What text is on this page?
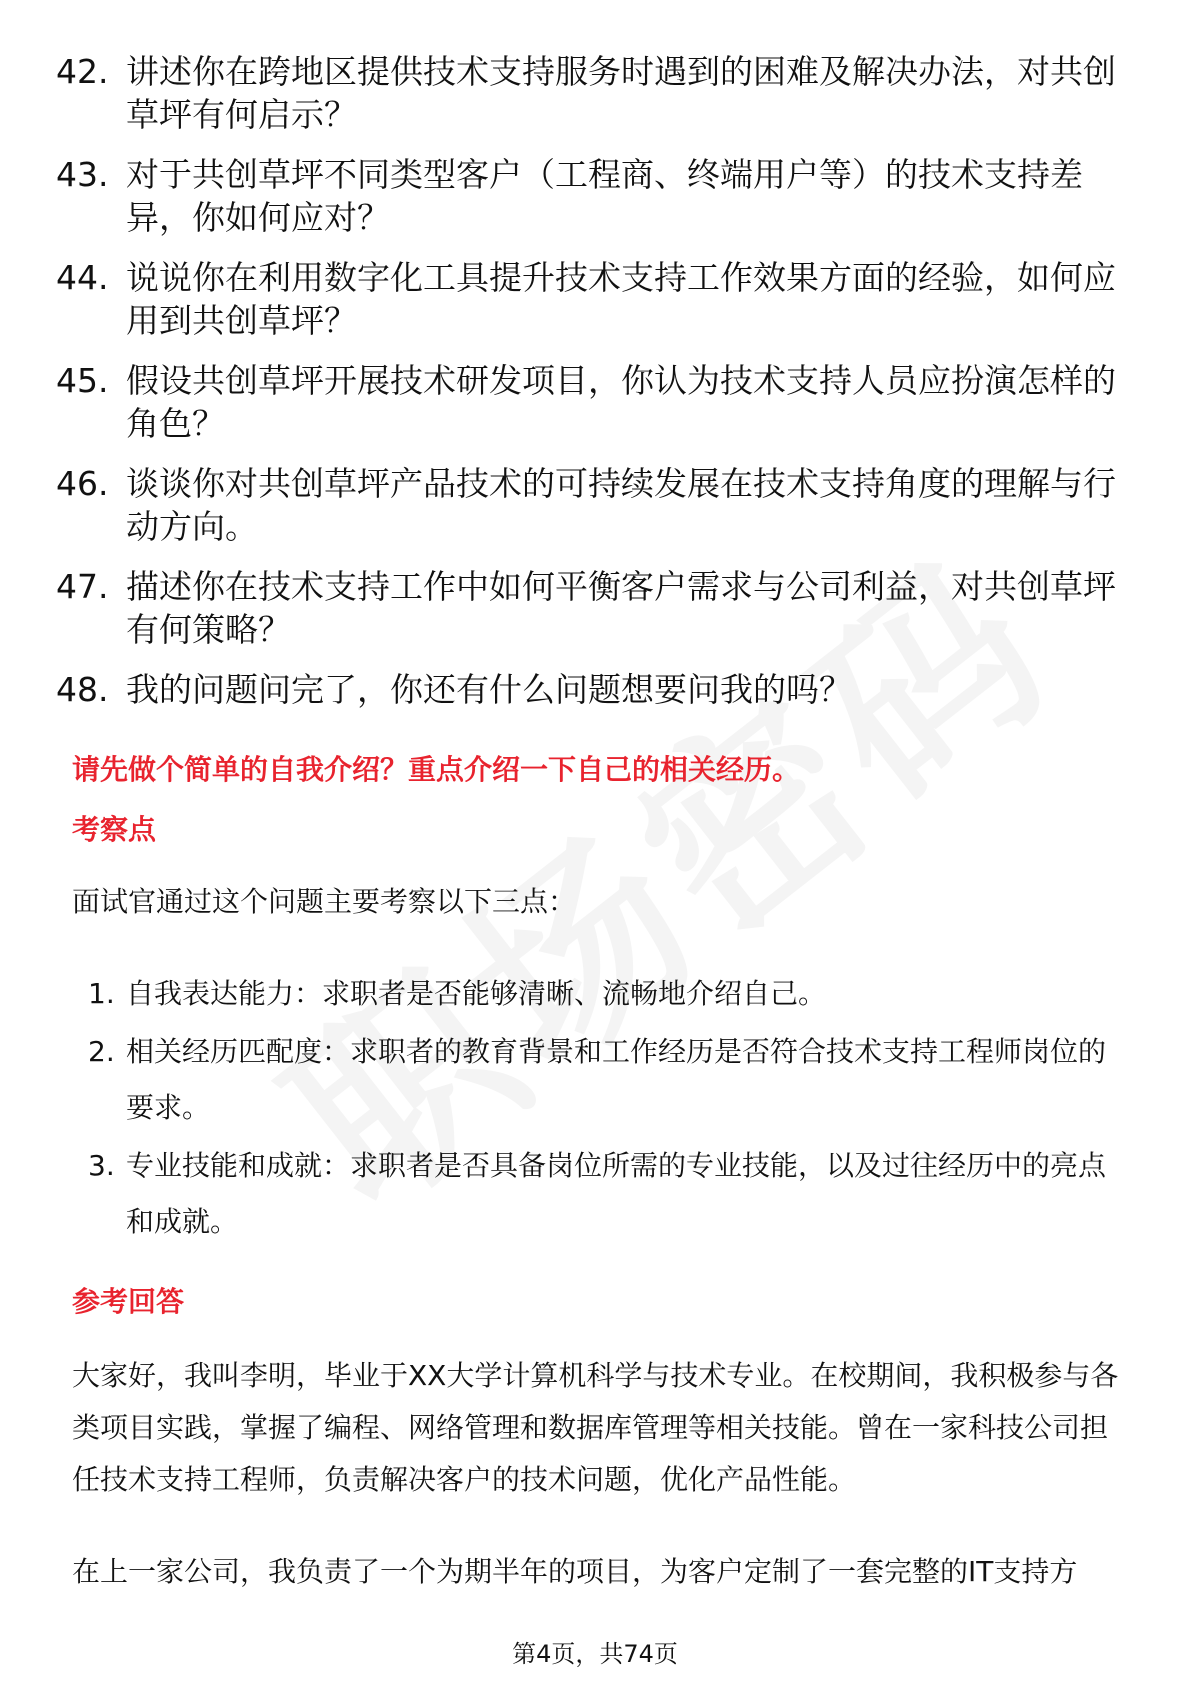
42. 讲述你在跨地区提供技术支持服务时遇到的困难及解决办法，对共创草坪有何启示？
43. 对于共创草坪不同类型客户（工程商、终端用户等）的技术支持差异，你如何应对？
44. 说说你在利用数字化工具提升技术支持工作效果方面的经验，如何应用到共创草坪？
45. 假设共创草坪开展技术研发项目，你认为技术支持人员应扮演怎样的角色？
46. 谈谈你对共创草坪产品技术的可持续发展在技术支持角度的理解与行动方向。
47. 描述你在技术支持工作中如何平衡客户需求与公司利益，对共创草坪有何策略？
48. 我的问题问完了，你还有什么问题想要问我的吗？
请先做个简单的自我介绍？重点介绍一下自己的相关经历。
考察点
面试官通过这个问题主要考察以下三点：
1. 自我表达能力：求职者是否能够清晰、流畅地介绍自己。
2. 相关经历匹配度：求职者的教育背景和工作经历是否符合技术支持工程师岗位的要求。
3. 专业技能和成就：求职者是否具备岗位所需的专业技能，以及过往经历中的亮点和成就。
参考回答
大家好，我叫李明，毕业于XX大学计算机科学与技术专业。在校期间，我积极参与各类项目实践，掌握了编程、网络管理和数据库管理等相关技能。曾在一家科技公司担任技术支持工程师，负责解决客户的技术问题，优化产品性能。
在上一家公司，我负责了一个为期半年的项目，为客户定制了一套完整的IT支持方
第4页，共74页
